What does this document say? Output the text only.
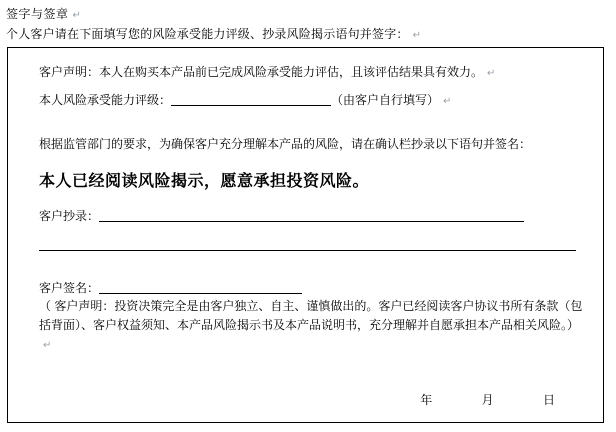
签字与签章 ↵
个人客户请在下面填写您的风险承受能力评级、抄录风险揭示语句并签字： ↵
客户声明：本人在购买本产品前已完成风险承受能力评估，且该评估结果具有效力。 ↵
本人风险承受能力评级：	（由客户自行填写） ↵
根据监管部门的要求，为确保客户充分理解本产品的风险，请在确认栏抄录以下语句并签名：
本人已经阅读风险揭示，愿意承担投资风险。
客户抄录：
客户签名：
（ 客户声明：投资决策完全是由客户独立、自主、谨慎做出的。客户已经阅读客户协议书所有条款（包括背面）、客户权益须知、本产品风险揭示书及本产品说明书，充分理解并自愿承担本产品相关风险。）↵
年	月	日
